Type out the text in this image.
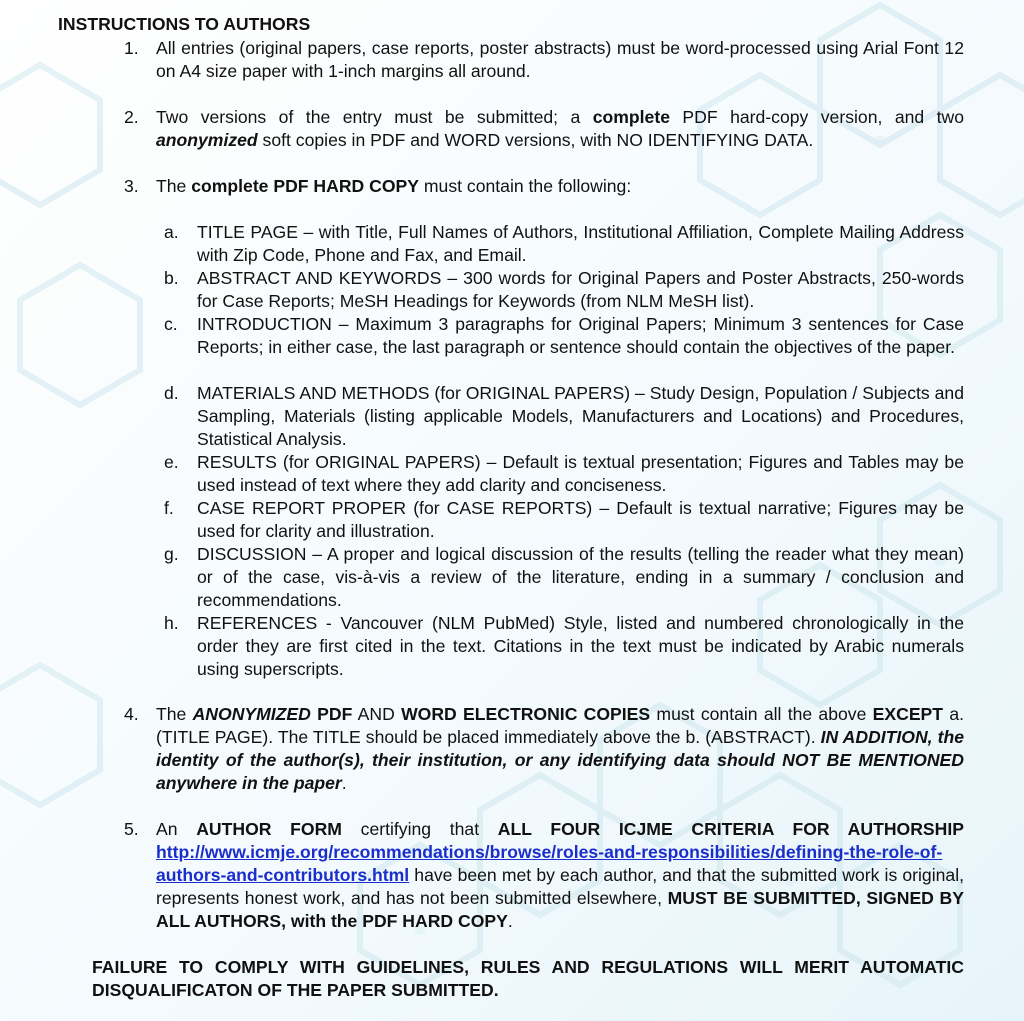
INSTRUCTIONS TO AUTHORS
1. All entries (original papers, case reports, poster abstracts) must be word-processed using Arial Font 12 on A4 size paper with 1-inch margins all around.
2. Two versions of the entry must be submitted; a complete PDF hard-copy version, and two anonymized soft copies in PDF and WORD versions, with NO IDENTIFYING DATA.
3. The complete PDF HARD COPY must contain the following:
a. TITLE PAGE – with Title, Full Names of Authors, Institutional Affiliation, Complete Mailing Address with Zip Code, Phone and Fax, and Email.
b. ABSTRACT AND KEYWORDS – 300 words for Original Papers and Poster Abstracts, 250-words for Case Reports; MeSH Headings for Keywords (from NLM MeSH list).
c. INTRODUCTION – Maximum 3 paragraphs for Original Papers; Minimum 3 sentences for Case Reports; in either case, the last paragraph or sentence should contain the objectives of the paper.
d. MATERIALS AND METHODS (for ORIGINAL PAPERS) – Study Design, Population / Subjects and Sampling, Materials (listing applicable Models, Manufacturers and Locations) and Procedures, Statistical Analysis.
e. RESULTS (for ORIGINAL PAPERS) – Default is textual presentation; Figures and Tables may be used instead of text where they add clarity and conciseness.
f. CASE REPORT PROPER (for CASE REPORTS) – Default is textual narrative; Figures may be used for clarity and illustration.
g. DISCUSSION – A proper and logical discussion of the results (telling the reader what they mean) or of the case, vis-à-vis a review of the literature, ending in a summary / conclusion and recommendations.
h. REFERENCES - Vancouver (NLM PubMed) Style, listed and numbered chronologically in the order they are first cited in the text. Citations in the text must be indicated by Arabic numerals using superscripts.
4. The ANONYMIZED PDF AND WORD ELECTRONIC COPIES must contain all the above EXCEPT a. (TITLE PAGE). The TITLE should be placed immediately above the b. (ABSTRACT). IN ADDITION, the identity of the author(s), their institution, or any identifying data should NOT BE MENTIONED anywhere in the paper.
5. An AUTHOR FORM certifying that ALL FOUR ICJME CRITERIA FOR AUTHORSHIP http://www.icmje.org/recommendations/browse/roles-and-responsibilities/defining-the-role-of-authors-and-contributors.html have been met by each author, and that the submitted work is original, represents honest work, and has not been submitted elsewhere, MUST BE SUBMITTED, SIGNED BY ALL AUTHORS, with the PDF HARD COPY.
FAILURE TO COMPLY WITH GUIDELINES, RULES AND REGULATIONS WILL MERIT AUTOMATIC DISQUALIFICATON OF THE PAPER SUBMITTED.
